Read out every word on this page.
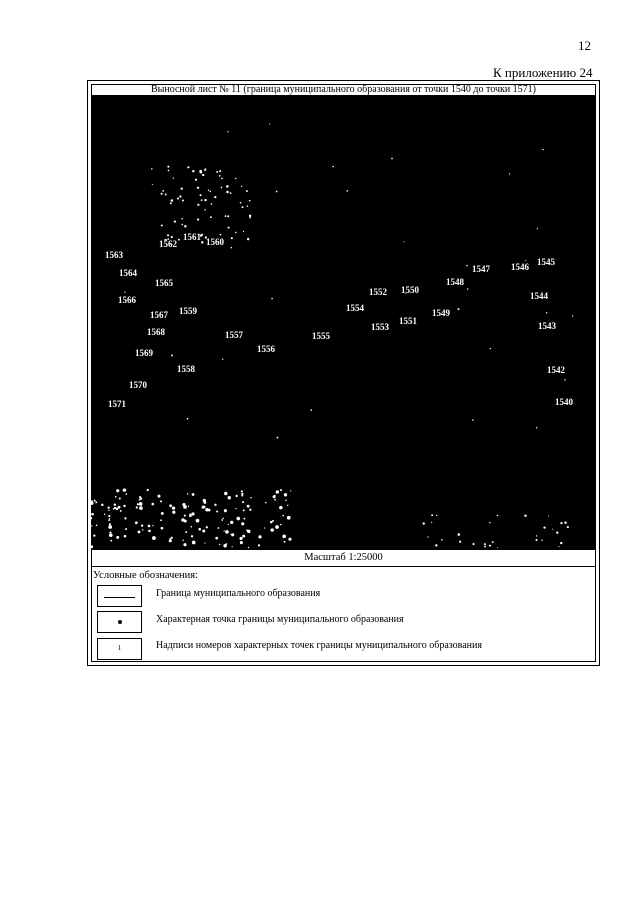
12
К приложению 24
Выносной лист № 11 (граница муниципального образования от точки 1540 до точки 1571)
1540
1542
1543
1544
1545
1546
1547
1548
1549
1550
1551
1552
1553
1554
1555
1556
1557
1558
1559
1560
1561
1562
1563
1564
1565
1566
1567
1568
1569
1570
1571
Масштаб 1:25000
Условные обозначения:
Граница муниципального образования
Характерная точка границы муниципального образования
1	Надписи номеров характерных точек границы муниципального образования
